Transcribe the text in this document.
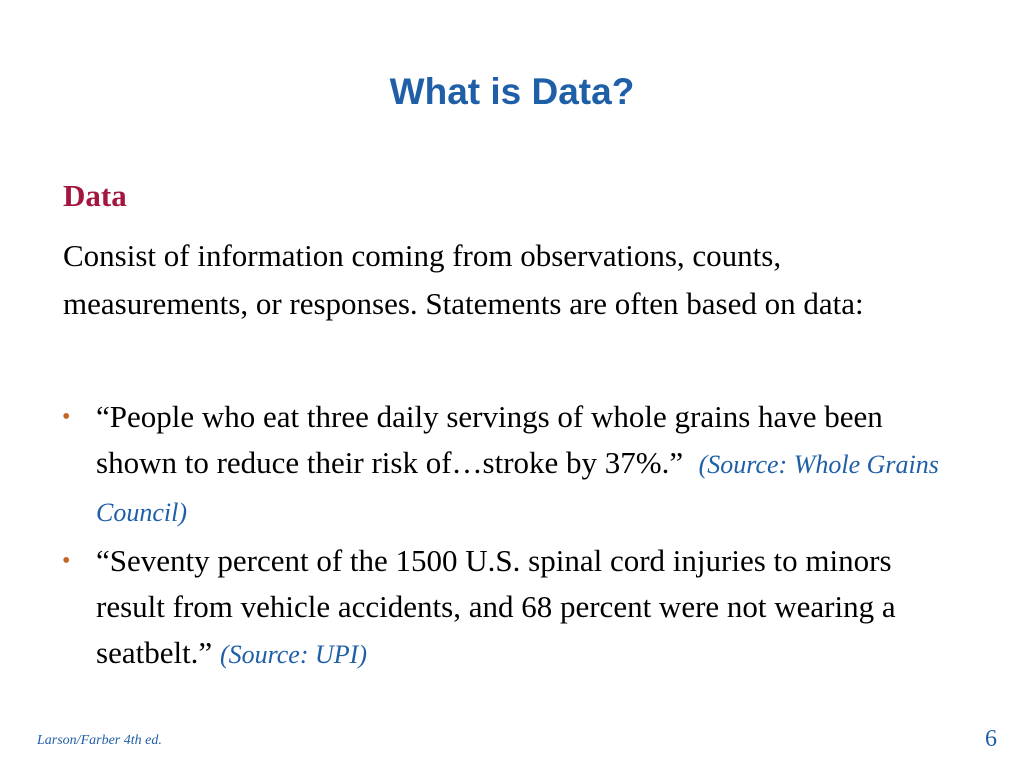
What is Data?
Data
Consist of information coming from observations, counts, measurements, or responses. Statements are often based on data:
• “People who eat three daily servings of whole grains have been shown to reduce their risk of…stroke by 37%.” (Source: Whole Grains Council)
• “Seventy percent of the 1500 U.S. spinal cord injuries to minors result from vehicle accidents, and 68 percent were not wearing a seatbelt.” (Source: UPI)
Larson/Farber 4th ed.	6
